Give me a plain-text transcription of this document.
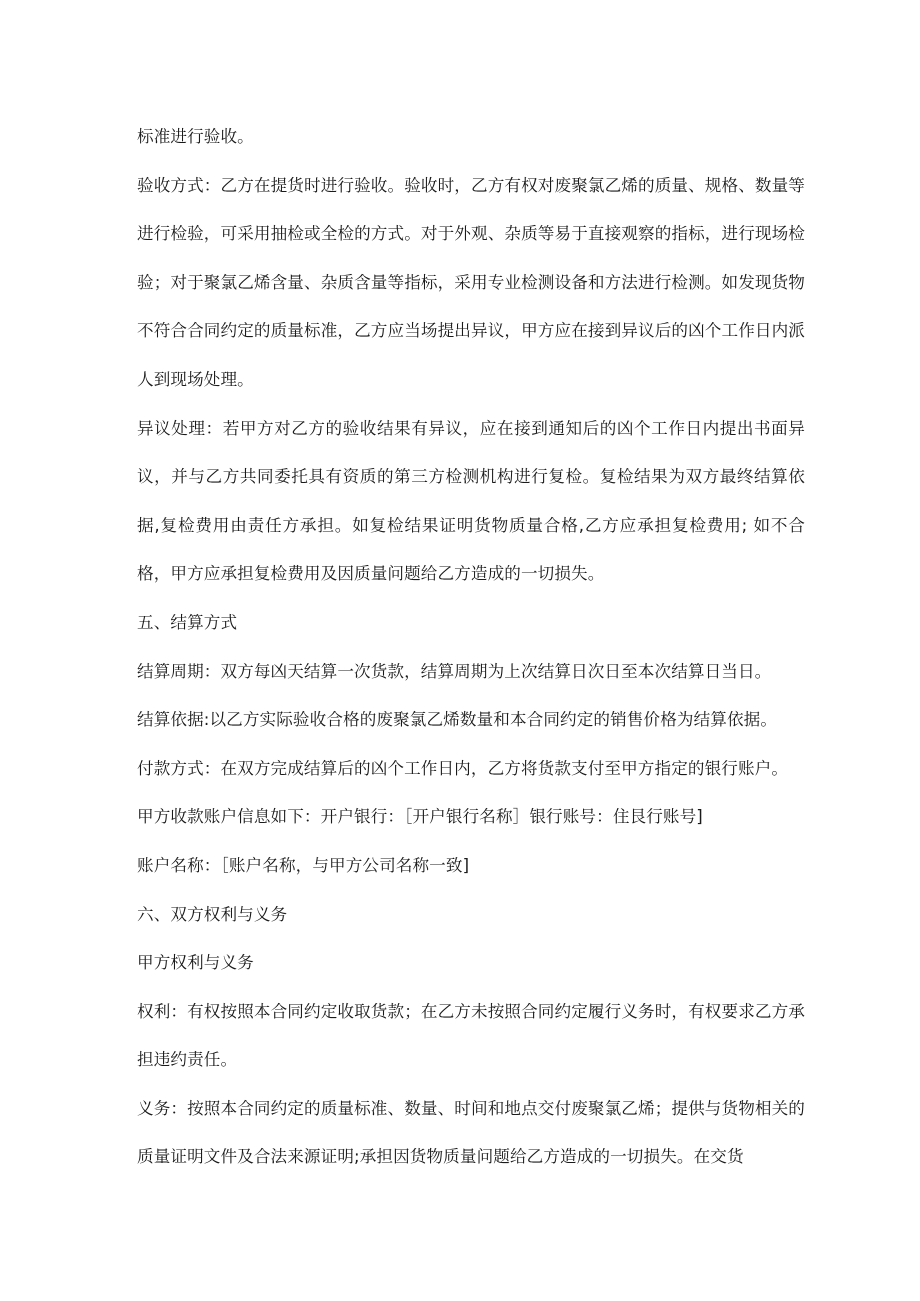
标准进行验收。

验收方式：乙方在提货时进行验收。验收时，乙方有权对废聚氯乙烯的质量、规格、数量等进行检验，可采用抽检或全检的方式。对于外观、杂质等易于直接观察的指标，进行现场检验；对于聚氯乙烯含量、杂质含量等指标，采用专业检测设备和方法进行检测。如发现货物不符合合同约定的质量标准，乙方应当场提出异议，甲方应在接到异议后的凶个工作日内派人到现场处理。

异议处理：若甲方对乙方的验收结果有异议，应在接到通知后的凶个工作日内提出书面异议，并与乙方共同委托具有资质的第三方检测机构进行复检。复检结果为双方最终结算依据,复检费用由责任方承担。如复检结果证明货物质量合格,乙方应承担复检费用; 如不合格，甲方应承担复检费用及因质量问题给乙方造成的一切损失。

五、结算方式

结算周期：双方每凶天结算一次货款，结算周期为上次结算日次日至本次结算日当日。

结算依据:以乙方实际验收合格的废聚氯乙烯数量和本合同约定的销售价格为结算依据。

付款方式：在双方完成结算后的凶个工作日内，乙方将货款支付至甲方指定的银行账户。

甲方收款账户信息如下：开户银行：［开户银行名称］银行账号：住艮行账号]

账户名称：［账户名称，与甲方公司名称一致]

六、双方权利与义务

甲方权利与义务

权利：有权按照本合同约定收取货款；在乙方未按照合同约定履行义务时，有权要求乙方承担违约责任。

义务：按照本合同约定的质量标准、数量、时间和地点交付废聚氯乙烯；提供与货物相关的质量证明文件及合法来源证明;承担因货物质量问题给乙方造成的一切损失。在交货
